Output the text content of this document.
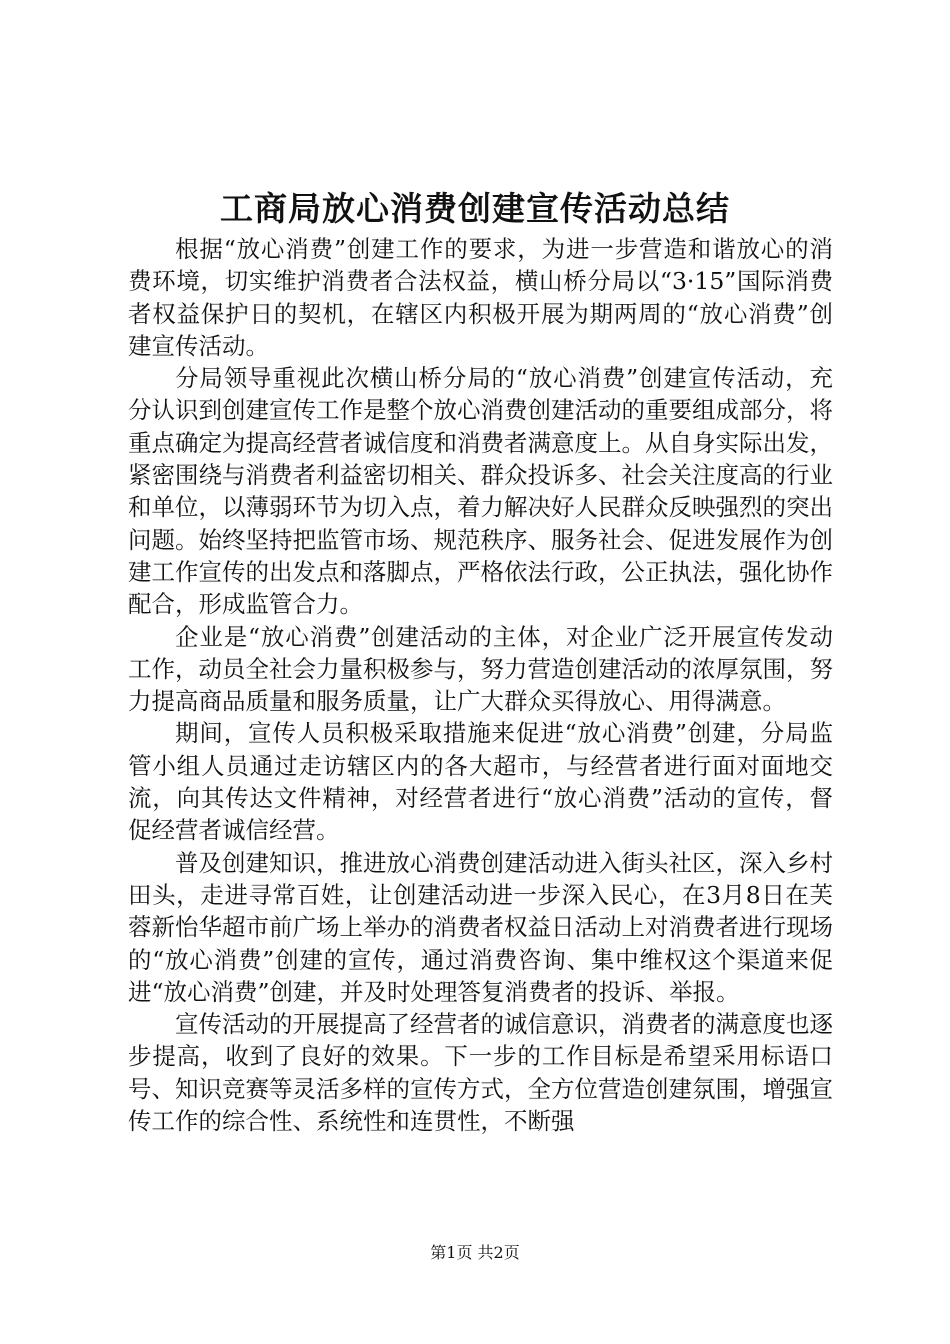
工商局放心消费创建宣传活动总结

根据“放心消费”创建工作的要求，为进一步营造和谐放心的消费环境，切实维护消费者合法权益，横山桥分局以“3·15”国际消费者权益保护日的契机，在辖区内积极开展为期两周的“放心消费”创建宣传活动。

分局领导重视此次横山桥分局的“放心消费”创建宣传活动，充分认识到创建宣传工作是整个放心消费创建活动的重要组成部分，将重点确定为提高经营者诚信度和消费者满意度上。从自身实际出发，紧密围绕与消费者利益密切相关、群众投诉多、社会关注度高的行业和单位，以薄弱环节为切入点，着力解决好人民群众反映强烈的突出问题。始终坚持把监管市场、规范秩序、服务社会、促进发展作为创建工作宣传的出发点和落脚点，严格依法行政，公正执法，强化协作配合，形成监管合力。

企业是“放心消费”创建活动的主体，对企业广泛开展宣传发动工作，动员全社会力量积极参与，努力营造创建活动的浓厚氛围，努力提高商品质量和服务质量，让广大群众买得放心、用得满意。

期间，宣传人员积极采取措施来促进“放心消费”创建，分局监管小组人员通过走访辖区内的各大超市，与经营者进行面对面地交流，向其传达文件精神，对经营者进行“放心消费”活动的宣传，督促经营者诚信经营。

普及创建知识，推进放心消费创建活动进入街头社区，深入乡村田头，走进寻常百姓，让创建活动进一步深入民心，在3月8日在芙蓉新怡华超市前广场上举办的消费者权益日活动上对消费者进行现场的“放心消费”创建的宣传，通过消费咨询、集中维权这个渠道来促进“放心消费”创建，并及时处理答复消费者的投诉、举报。

宣传活动的开展提高了经营者的诚信意识，消费者的满意度也逐步提高，收到了良好的效果。下一步的工作目标是希望采用标语口号、知识竞赛等灵活多样的宣传方式，全方位营造创建氛围，增强宣传工作的综合性、系统性和连贯性，不断强

第1页 共2页
